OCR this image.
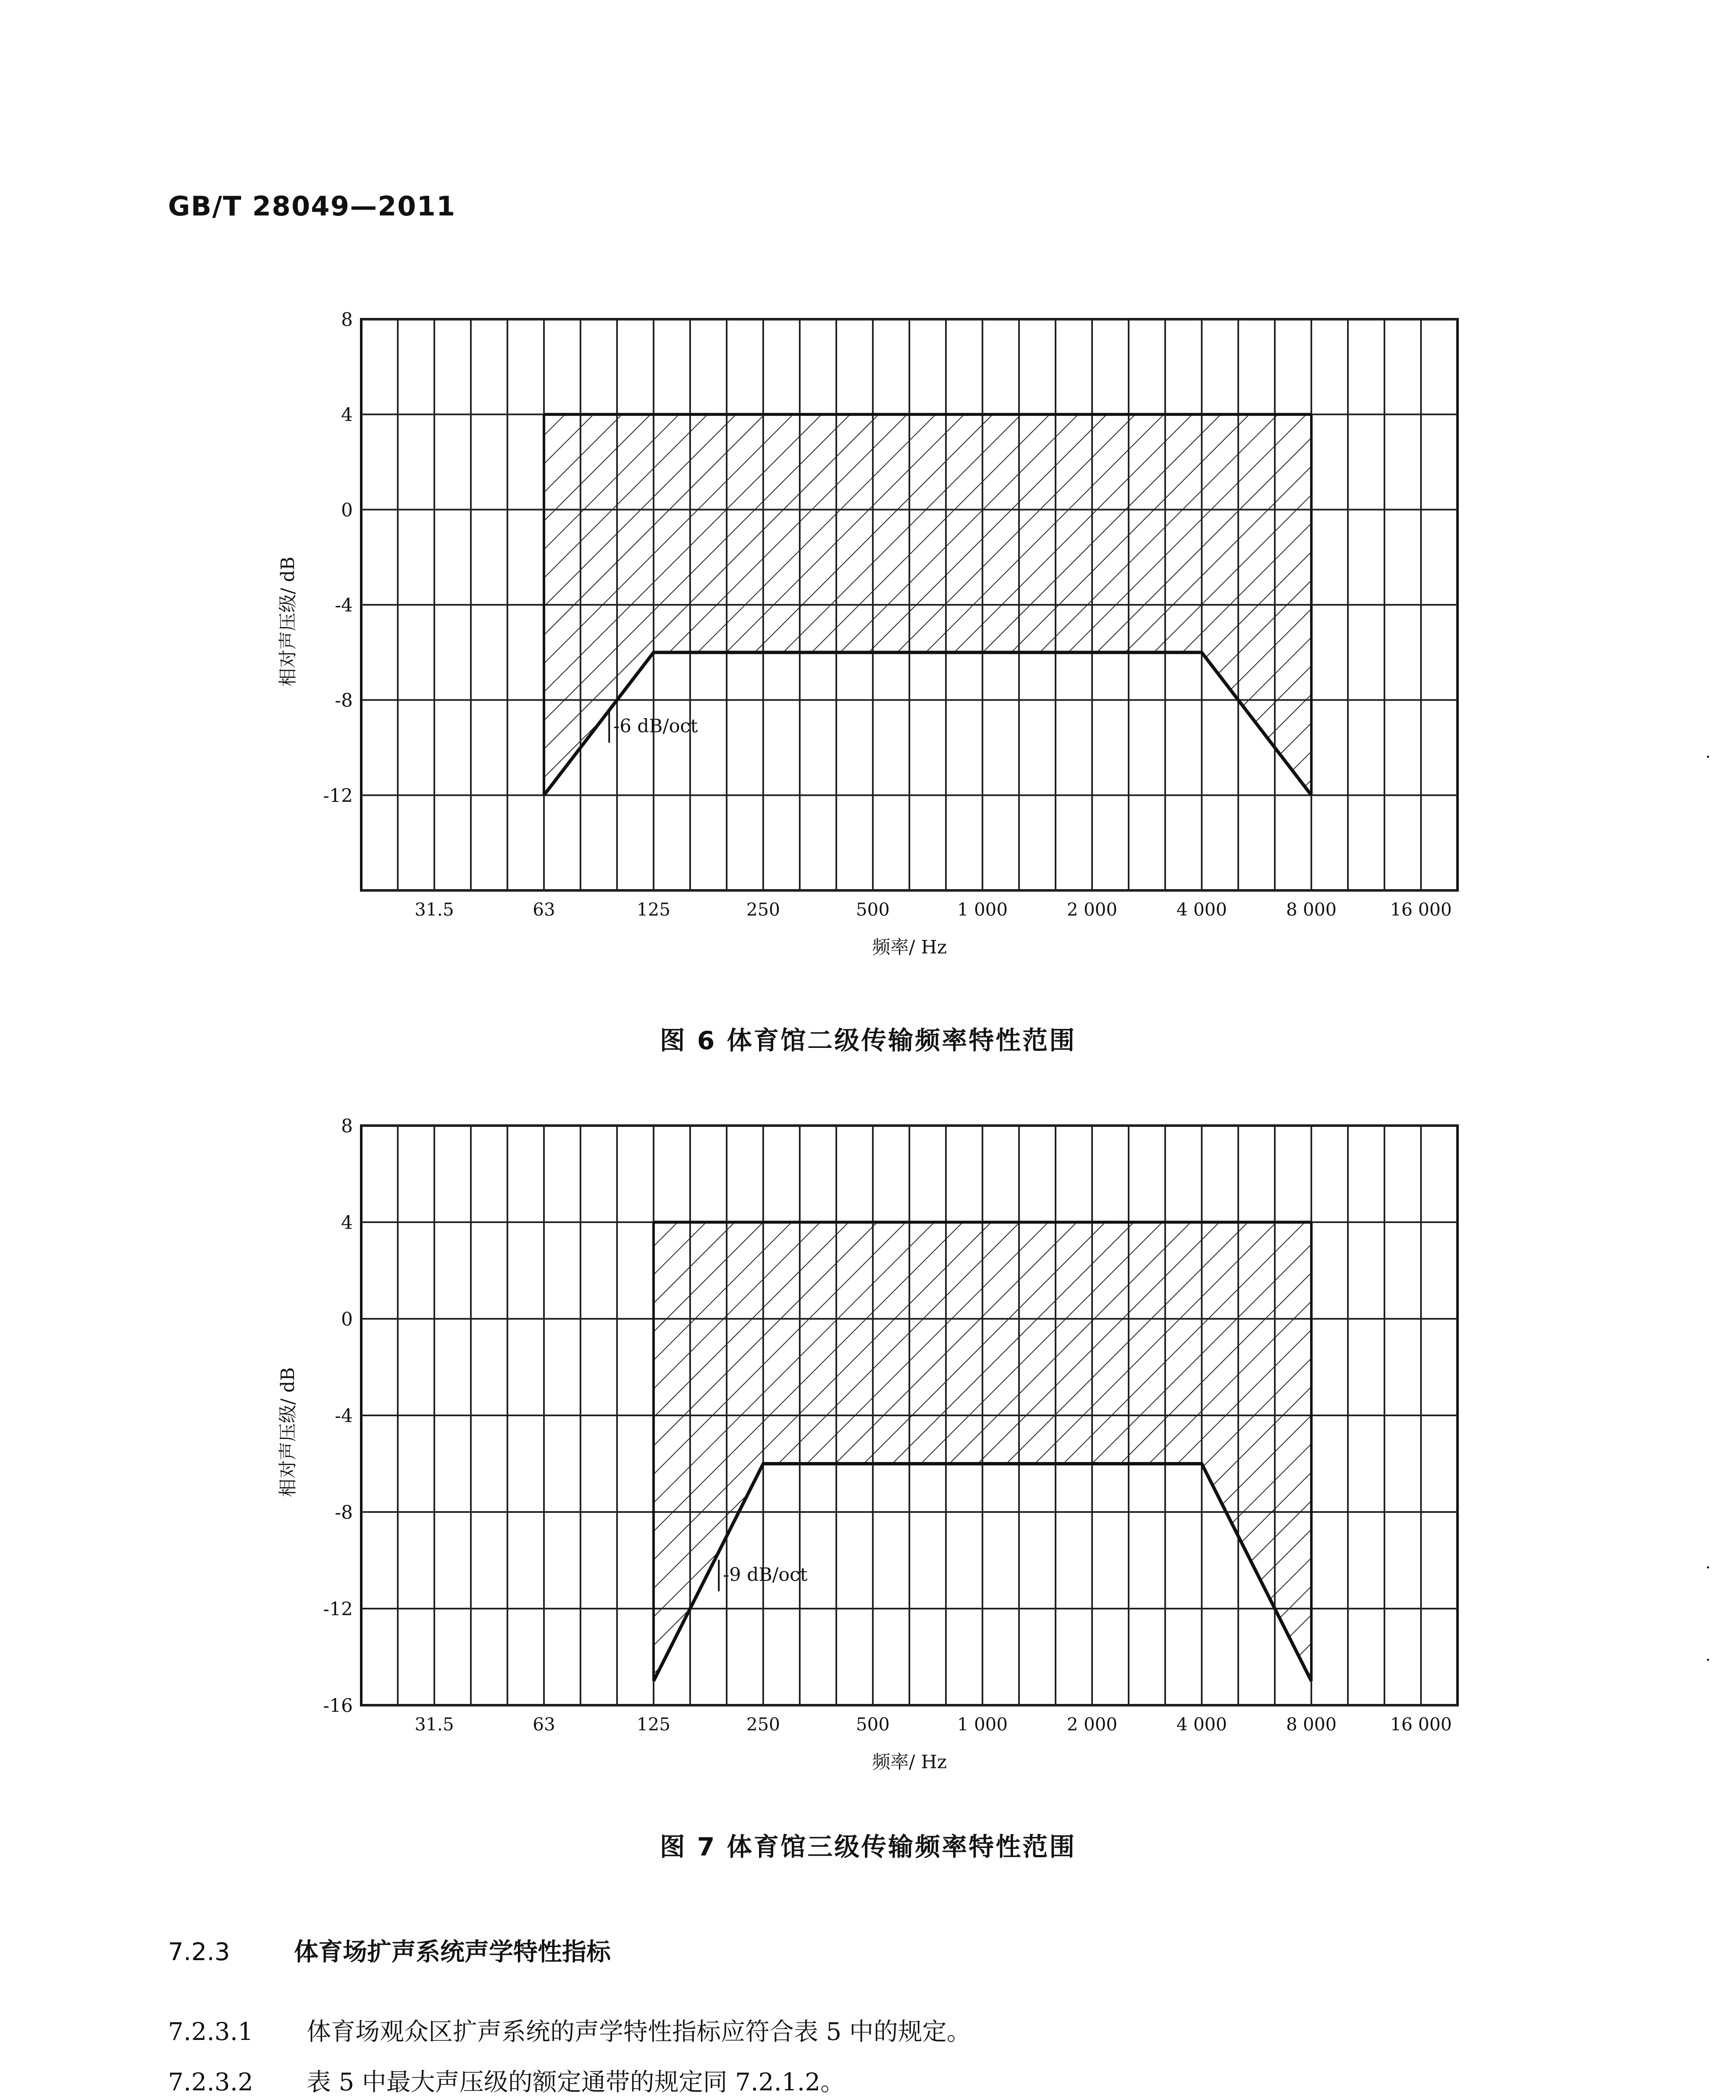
GB/T 28049—2011
-6 dB/oct
8
4
0
-4
-8
-12
31.5	63	125	250	500	1 000	2 000	4 000	8 000	16 000
频率/ Hz
相对声压级/ dB
图 6 体育馆二级传输频率特性范围
-9 dB/oct
8
4
0
-4
-8
-12
-16
31.5	63	125	250	500	1 000	2 000	4 000	8 000	16 000
频率/ Hz
相对声压级/ dB
图 7 体育馆三级传输频率特性范围
7.2.3	体育场扩声系统声学特性指标
7.2.3.1 体育场观众区扩声系统的声学特性指标应符合表 5 中的规定。
7.2.3.2 表 5 中最大声压级的额定通带的规定同 7.2.1.2。
·
·
·
